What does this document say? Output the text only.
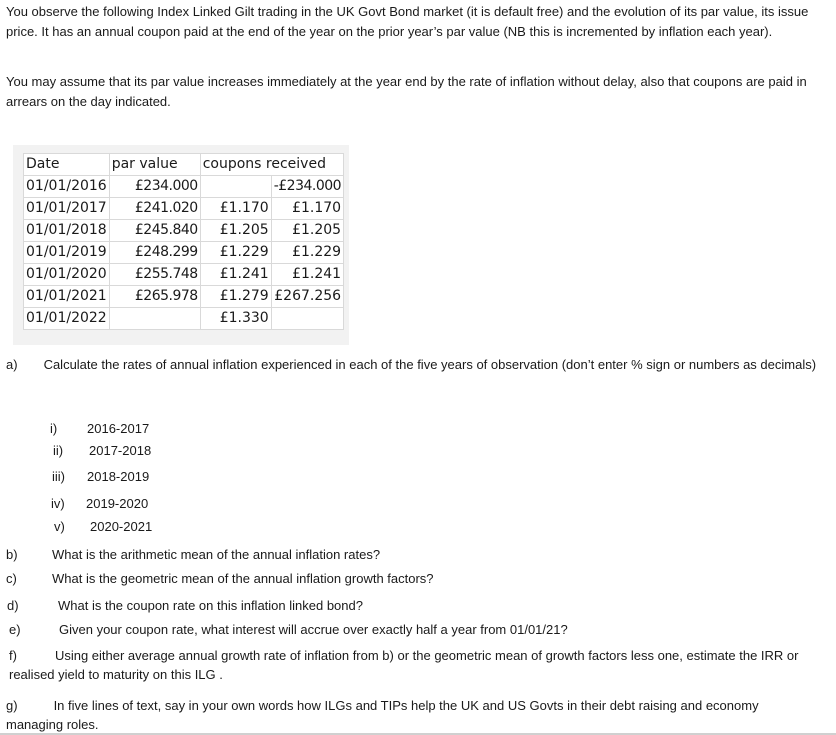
You observe the following Index Linked Gilt trading in the UK Govt Bond market (it is default free) and the evolution of its par value, its issue price. It has an annual coupon paid at the end of the year on the prior year’s par value (NB this is incremented by inflation each year).

You may assume that its par value increases immediately at the year end by the rate of inflation without delay, also that coupons are paid in arrears on the day indicated.

Date	par value	coupons received	
01/01/2016	£234.000		-£234.000
01/01/2017	£241.020	£1.170	£1.170
01/01/2018	£245.840	£1.205	£1.205
01/01/2019	£248.299	£1.229	£1.229
01/01/2020	£255.748	£1.241	£1.241
01/01/2021	£265.978	£1.279	£267.256
01/01/2022		£1.330	
a) Calculate the rates of annual inflation experienced in each of the five years of observation (don’t enter % sign or numbers as decimals)
i) 2016-2017
ii) 2017-2018
iii) 2018-2019
iv) 2019-2020
v) 2020-2021
b)	What is the arithmetic mean of the annual inflation rates?
c)	What is the geometric mean of the annual inflation growth factors?
d)	What is the coupon rate on this inflation linked bond?
e)	Given your coupon rate, what interest will accrue over exactly half a year from 01/01/21?
f)	Using either average annual growth rate of inflation from b) or the geometric mean of growth factors less one, estimate the IRR or realised yield to maturity on this ILG .
g)	In five lines of text, say in your own words how ILGs and TIPs help the UK and US Govts in their debt raising and economy managing roles.
